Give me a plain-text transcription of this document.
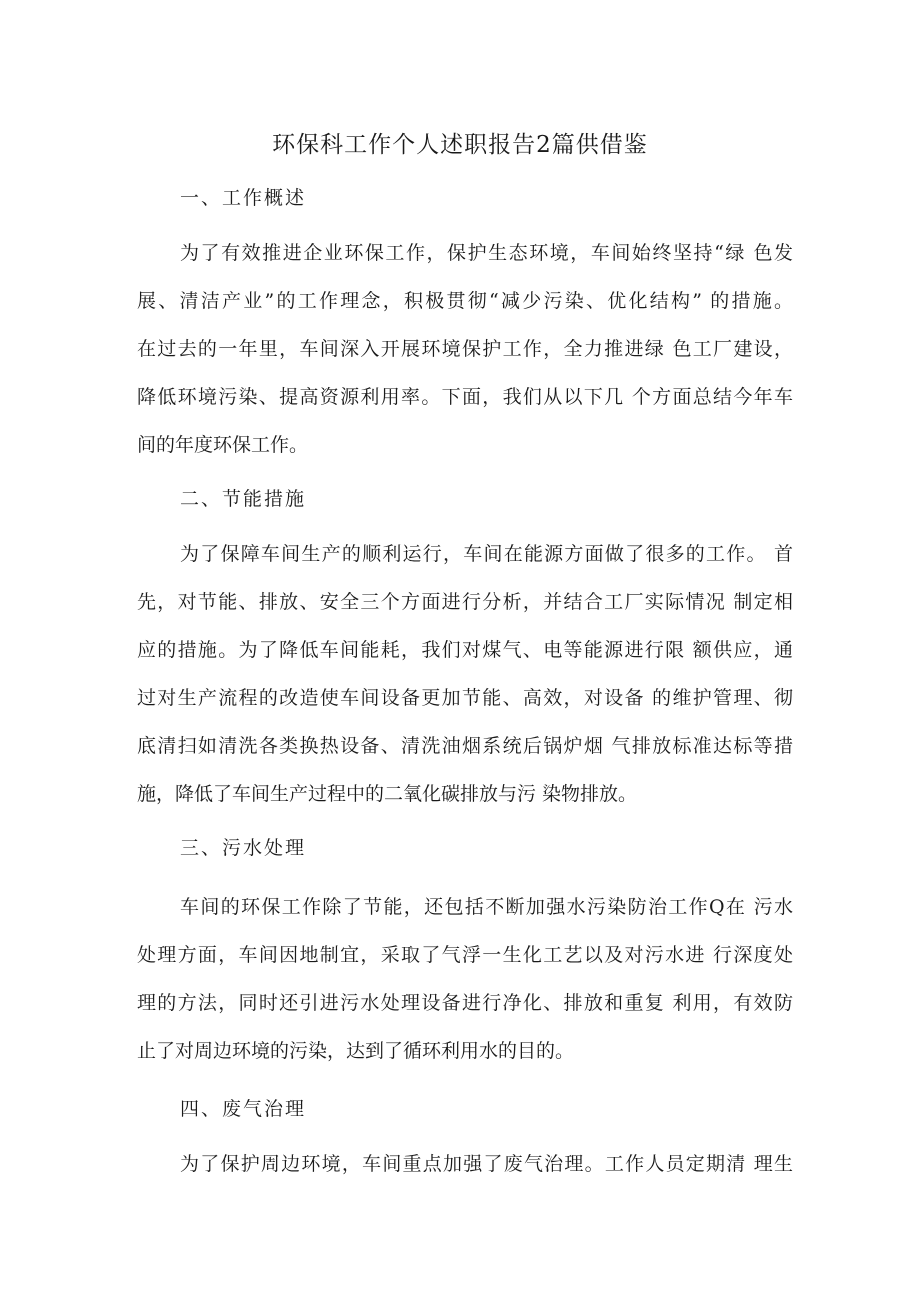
环保科工作个人述职报告2篇供借鉴
一、工作概述
为了有效推进企业环保工作，保护生态环境，车间始终坚持“绿 色发
展、清洁产业”的工作理念，积极贯彻“减少污染、优化结构” 的措施。
在过去的一年里，车间深入开展环境保护工作，全力推进绿 色工厂建设，
降低环境污染、提高资源利用率。下面，我们从以下几 个方面总结今年车
间的年度环保工作。
二、节能措施
为了保障车间生产的顺利运行，车间在能源方面做了很多的工作。 首
先，对节能、排放、安全三个方面进行分析，并结合工厂实际情况 制定相
应的措施。为了降低车间能耗，我们对煤气、电等能源进行限 额供应，通
过对生产流程的改造使车间设备更加节能、高效，对设备 的维护管理、彻
底清扫如清洗各类换热设备、清洗油烟系统后锅炉烟 气排放标准达标等措
施，降低了车间生产过程中的二氧化碳排放与污 染物排放。
三、污水处理
车间的环保工作除了节能，还包括不断加强水污染防治工作Q在 污水
处理方面，车间因地制宜，采取了气浮一生化工艺以及对污水进 行深度处
理的方法，同时还引进污水处理设备进行净化、排放和重复 利用，有效防
止了对周边环境的污染，达到了循环利用水的目的。
四、废气治理
为了保护周边环境，车间重点加强了废气治理。工作人员定期清 理生
